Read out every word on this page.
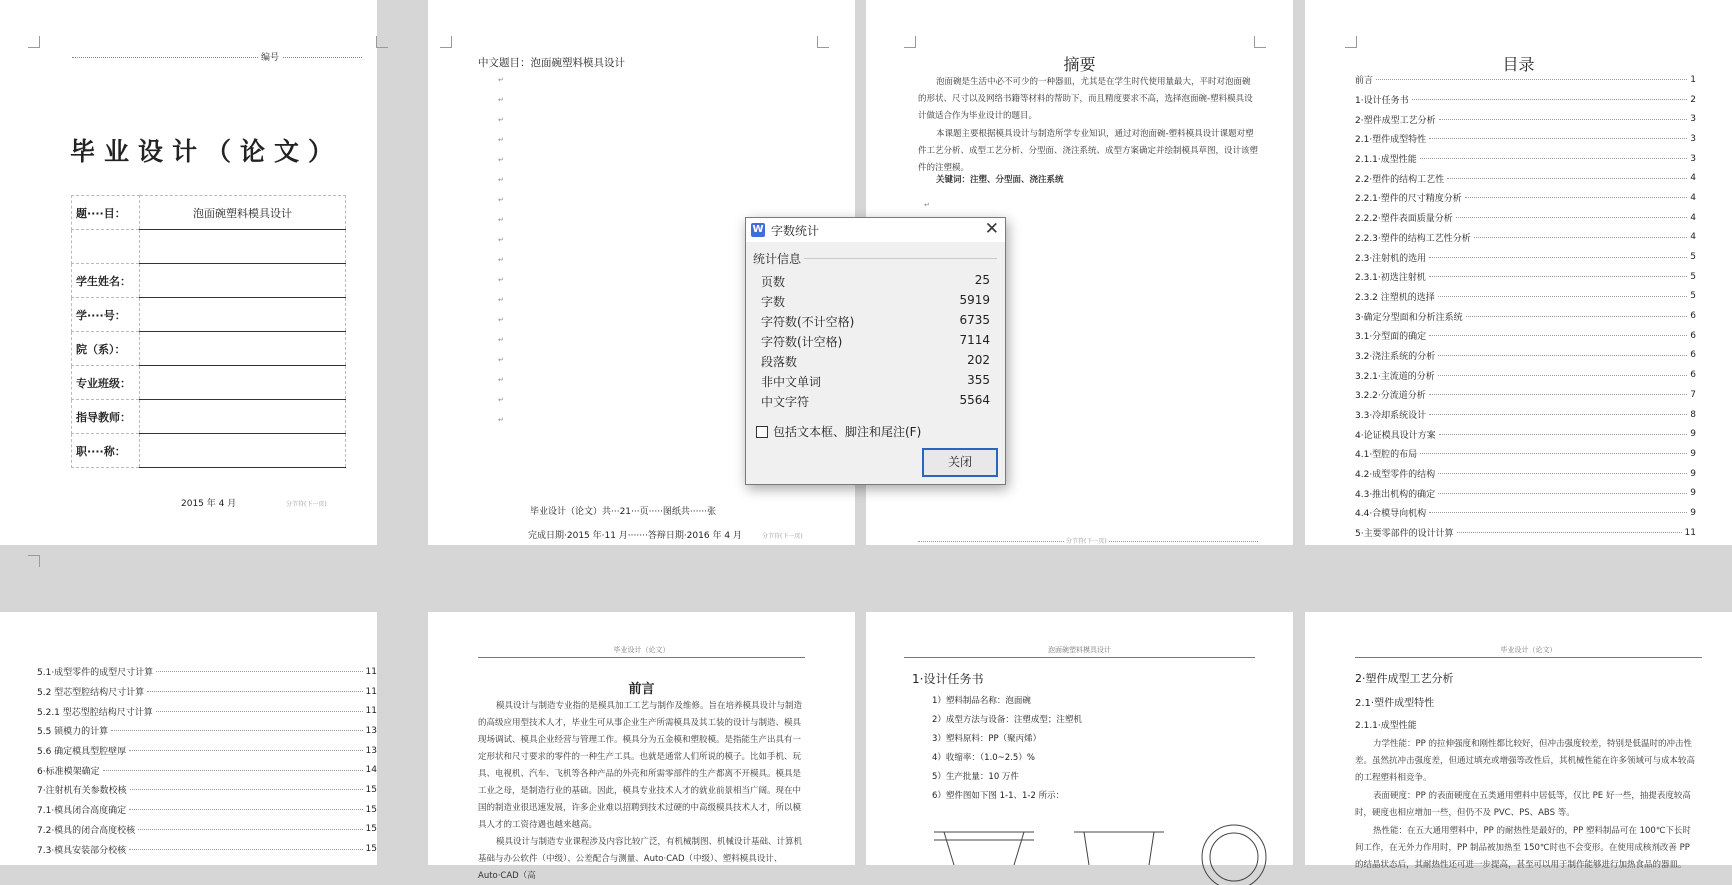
编号
毕业设计（论文）
题····目：	泡面碗塑料模具设计

学生姓名：	
学····号：	
院（系）：	
专业班级：	
指导教师：	
职····称：	
2015 年 4 月	分节符(下一页)
中文题目：泡面碗塑料模具设计
↵
↵
↵
↵
↵
↵
↵
↵
↵
↵
↵
↵
↵
↵
↵
↵
↵
↵
毕业设计（论文）共···21···页·····图纸共······张
完成日期·2015 年·11 月·······答辩日期·2016 年 4 月	分节符(下一页)
摘要
泡面碗是生活中必不可少的一种器皿，尤其是在学生时代使用量最大，平时对泡面碗的形状、尺寸以及网络书籍等材料的帮助下，而且精度要求不高，选择泡面碗-塑料模具设计做适合作为毕业设计的题目。
本课题主要根据模具设计与制造所学专业知识，通过对泡面碗-塑料模具设计课题对塑件工艺分析、成型工艺分析、分型面、浇注系统、成型方案确定并绘制模具草图，设计该塑件的注塑模。
关键词：注塑、分型面、浇注系统
↵

分节符(下一页)
目录
前言	1
1·设计任务书	2
2·塑件成型工艺分析	3
2.1·塑件成型特性	3
2.1.1·成型性能	3
2.2·塑件的结构工艺性	4
2.2.1·塑件的尺寸精度分析	4
2.2.2·塑件表面质量分析	4
2.2.3·塑件的结构工艺性分析	4
2.3·注射机的选用	5
2.3.1·初选注射机	5
2.3.2 注塑机的选择	5
3·确定分型面和分析注系统	6
3.1·分型面的确定	6
3.2·浇注系统的分析	6
3.2.1·主流道的分析	6
3.2.2·分流道分析	7
3.3·冷却系统设计	8
4·论证模具设计方案	9
4.1·型腔的布局	9
4.2·成型零件的结构	9
4.3·推出机构的确定	9
4.4·合模导向机构	9
5·主要零部件的设计计算	11
5.1·成型零件的成型尺寸计算	11
5.2 型芯型腔结构尺寸计算	11
5.2.1 型芯型腔结构尺寸计算	11
5.5 锁模力的计算	13
5.6 确定模具型腔壁厚	13
6·标准模架确定	14
7·注射机有关参数校核	15
7.1·模具闭合高度确定	15
7.2·模具的闭合高度校核	15
7.3·模具安装部分校核	15
毕业设计（论文）
前言
模具设计与制造专业指的是模具加工工艺与制作及维修。旨在培养模具设计与制造的高级应用型技术人才，毕业生可从事企业生产所需模具及其工装的设计与制造、模具现场调试、模具企业经营与管理工作。模具分为五金模和塑胶模。是指能生产出具有一定形状和尺寸要求的零件的一种生产工具。也就是通常人们所说的模子。比如手机、玩具、电视机、汽车、飞机等各种产品的外壳和所需零部件的生产都离不开模具。模具是工业之母，是制造行业的基础。因此，模具专业技术人才的就业前景相当广阔。现在中国的制造业很迅速发展，许多企业难以招聘到技术过硬的中高级模具技术人才，所以模具人才的工资待遇也越来越高。
模具设计与制造专业课程涉及内容比较广泛，有机械制图、机械设计基础、计算机基础与办公软件（中级）、公差配合与测量、Auto·CAD（中级）、塑料模具设计、Auto·CAD（高
泡面碗塑料模具设计
1·设计任务书
1）塑料制品名称：泡面碗
2）成型方法与设备：注塑成型；注塑机
3）塑料原料：PP（聚丙烯）
4）收缩率：（1.0~2.5）%
5）生产批量：10 万件
6）塑件图如下图 1-1、1-2 所示：
毕业设计（论文）
2·塑件成型工艺分析
2.1·塑件成型特性
2.1.1·成型性能
力学性能：PP 的拉伸强度和刚性都比较好，但冲击强度较差，特别是低温时的冲击性差。虽然抗冲击强度差，但通过填充或增强等改性后，其机械性能在许多领域可与成本较高的工程塑料相竞争。
表面硬度：PP 的表面硬度在五类通用塑料中居低等，仅比 PE 好一些，抽提表度较高时，硬度也相应增加一些，但仍不及 PVC、PS、ABS 等。
热性能：在五大通用塑料中，PP 的耐热性是最好的，PP 塑料制品可在 100℃下长时间工作，在无外力作用时，PP 制品被加热至 150℃时也不会变形。在使用成核剂改善 PP 的结晶状态后，其耐热性还可进一步提高，甚至可以用于制作能够进行加热食品的器皿。
W 字数统计	✕
统计信息
页数	25
字数	5919
字符数(不计空格)	6735
字符数(计空格)	7114
段落数	202
非中文单词	355
中文字符	5564
包括文本框、脚注和尾注(F)
关闭
